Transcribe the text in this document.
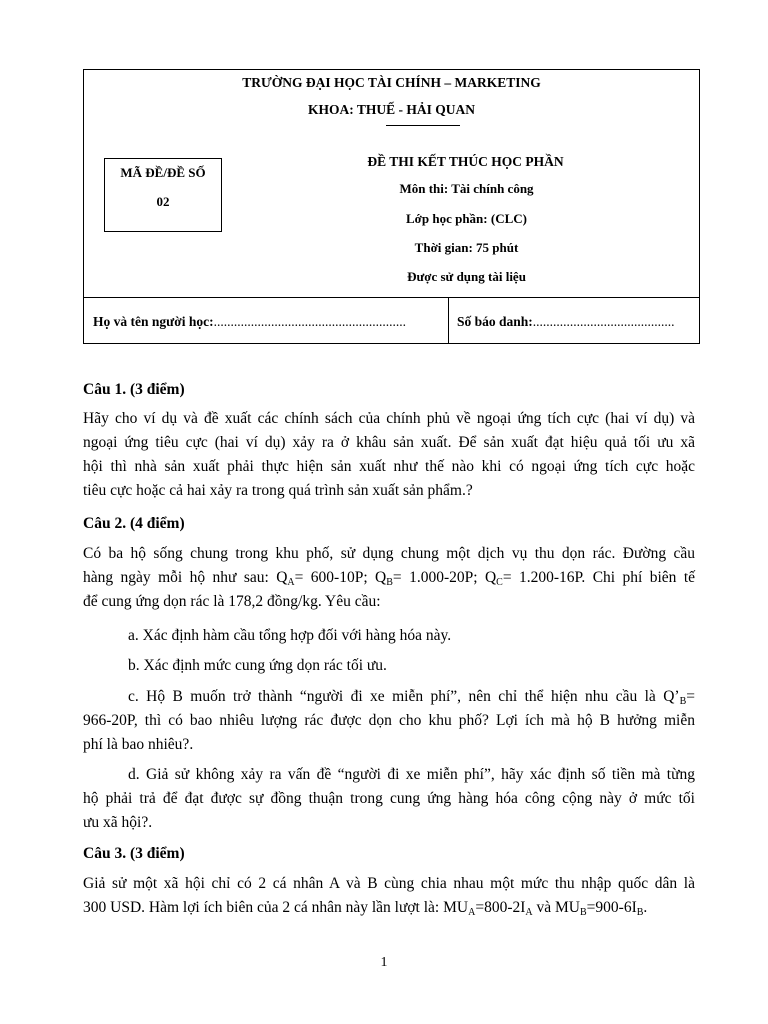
TRƯỜNG ĐẠI HỌC TÀI CHÍNH – MARKETING
KHOA: THUẾ - HẢI QUAN
MÃ ĐỀ/ĐỀ SỐ
02
ĐỀ THI KẾT THÚC HỌC PHẦN
Môn thi: Tài chính công
Lớp học phần: (CLC)
Thời gian: 75 phút
Được sử dụng tài liệu
Họ và tên người học:.........................................................	Số báo danh:..........................................
Câu 1. (3 điểm)
Hãy cho ví dụ và đề xuất các chính sách của chính phủ về ngoại ứng tích cực (hai ví dụ) và
ngoại ứng tiêu cực (hai ví dụ) xảy ra ở khâu sản xuất. Để sản xuất đạt hiệu quả tối ưu xã
hội thì nhà sản xuất phải thực hiện sản xuất như thế nào khi có ngoại ứng tích cực hoặc
tiêu cực hoặc cả hai xảy ra trong quá trình sản xuất sản phẩm.?
Câu 2. (4 điểm)
Có ba hộ sống chung trong khu phố, sử dụng chung một dịch vụ thu dọn rác. Đường cầu
hàng ngày mỗi hộ như sau: $Q_A= 600-10P$; $Q_B= 1.000-20P$; $Q_C= 1.200-16P$. Chi phí biên tế
để cung ứng dọn rác là 178,2 đồng/kg. Yêu cầu:
a. Xác định hàm cầu tổng hợp đối với hàng hóa này.
b. Xác định mức cung ứng dọn rác tối ưu.
c. Hộ B muốn trở thành “người đi xe miễn phí”, nên chỉ thể hiện nhu cầu là $Q’_B=$
966-20P, thì có bao nhiêu lượng rác được dọn cho khu phố? Lợi ích mà hộ B hưởng miễn
phí là bao nhiêu?.
d. Giả sử không xảy ra vấn đề “người đi xe miễn phí”, hãy xác định số tiền mà từng
hộ phải trả để đạt được sự đồng thuận trong cung ứng hàng hóa công cộng này ở mức tối
ưu xã hội?.
Câu 3. (3 điểm)
Giả sử một xã hội chỉ có 2 cá nhân A và B cùng chia nhau một mức thu nhập quốc dân là
300 USD. Hàm lợi ích biên của 2 cá nhân này lần lượt là: $MU_A=800-2I_A$ và $MU_B=900-6I_B$.
1
